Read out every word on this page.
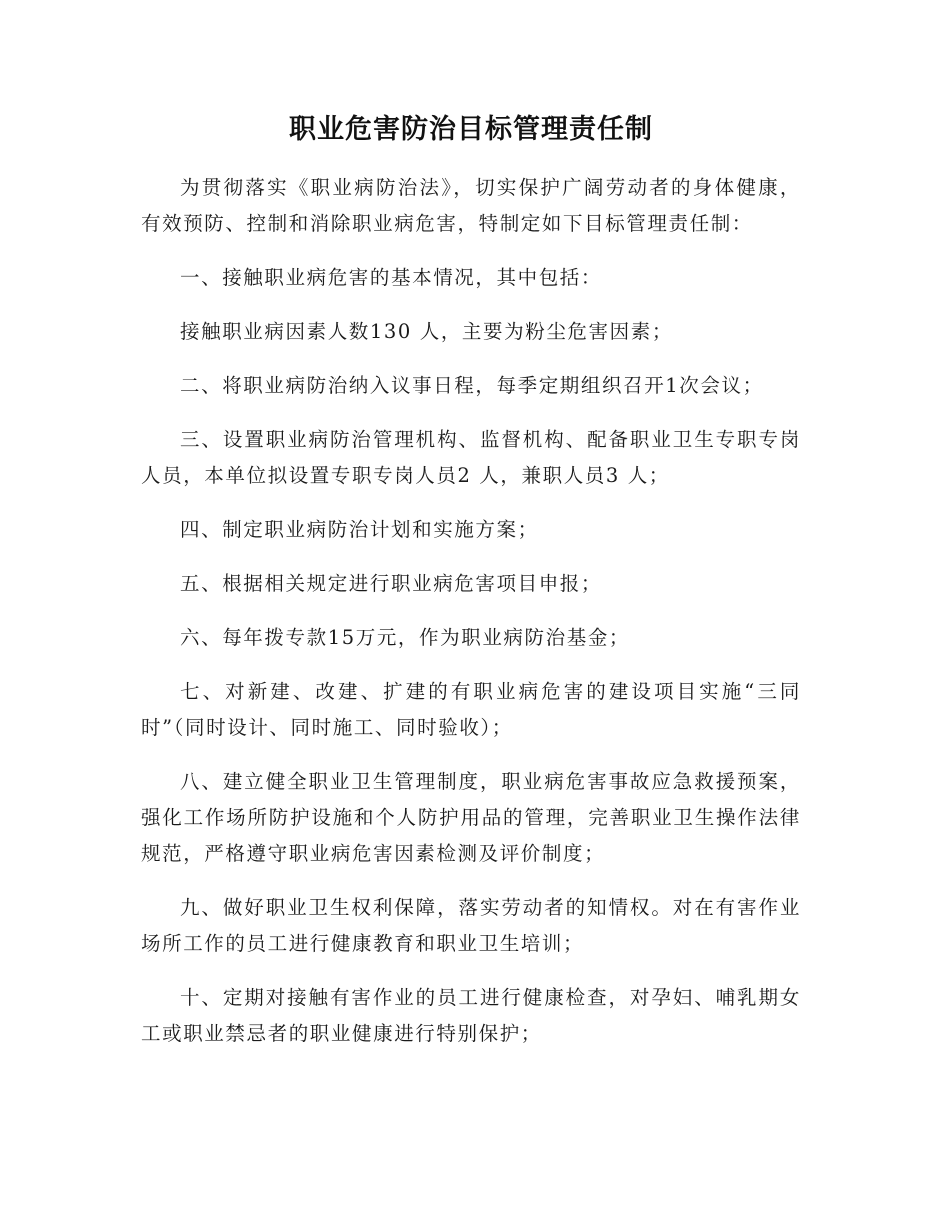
职业危害防治目标管理责任制

为贯彻落实《职业病防治法》，切实保护广阔劳动者的身体健康，有效预防、控制和消除职业病危害，特制定如下目标管理责任制：

一、接触职业病危害的基本情况，其中包括：

接触职业病因素人数130 人，主要为粉尘危害因素；

二、将职业病防治纳入议事日程，每季定期组织召开1次会议；

三、设置职业病防治管理机构、监督机构、配备职业卫生专职专岗人员，本单位拟设置专职专岗人员2 人，兼职人员3 人；

四、制定职业病防治计划和实施方案；

五、根据相关规定进行职业病危害项目申报；

六、每年拨专款15万元，作为职业病防治基金；

七、对新建、改建、扩建的有职业病危害的建设项目实施“三同时”（同时设计、同时施工、同时验收）；

八、建立健全职业卫生管理制度，职业病危害事故应急救援预案，强化工作场所防护设施和个人防护用品的管理，完善职业卫生操作法律规范，严格遵守职业病危害因素检测及评价制度；

九、做好职业卫生权利保障，落实劳动者的知情权。对在有害作业场所工作的员工进行健康教育和职业卫生培训；

十、定期对接触有害作业的员工进行健康检查，对孕妇、哺乳期女工或职业禁忌者的职业健康进行特别保护；
